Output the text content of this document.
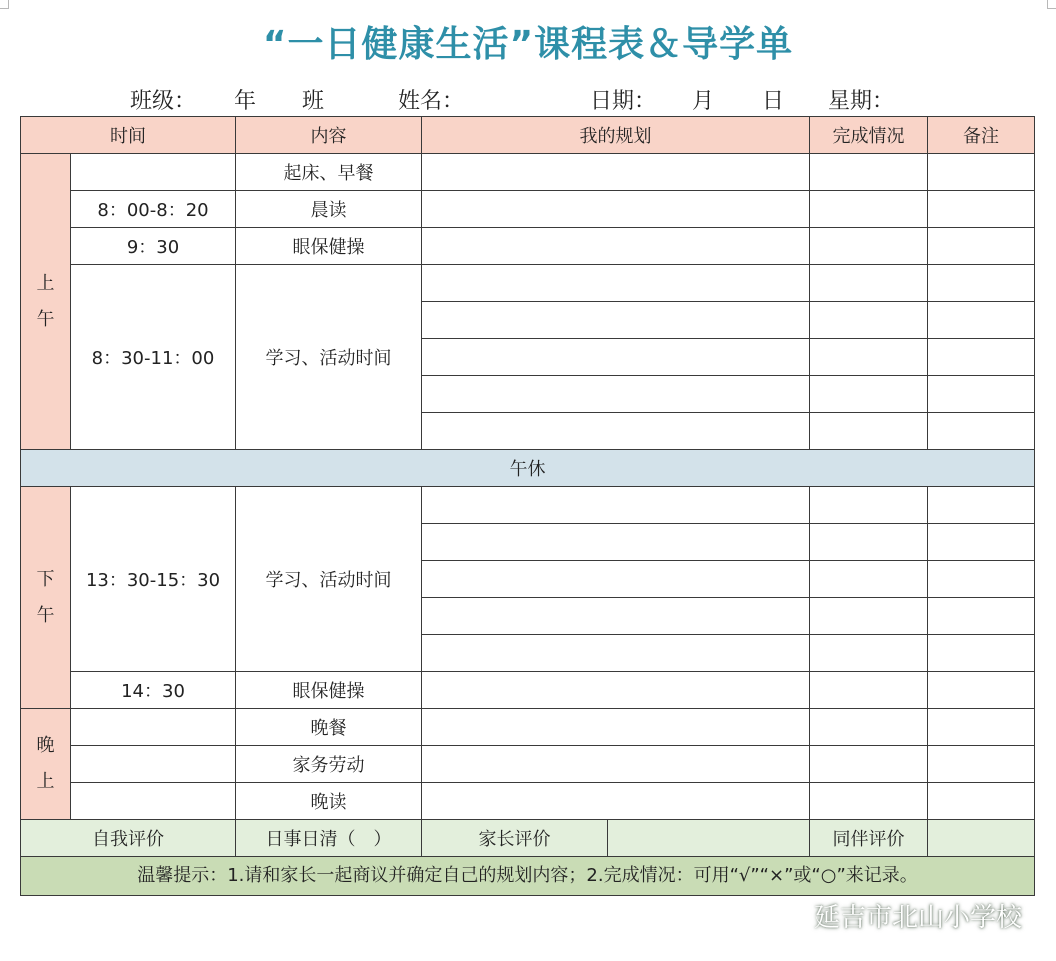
“一日健康生活”课程表＆导学单
班级： 年 班	姓名：	日期： 月 日 星期：
时间		内容	我的规划		完成情况	备注

上
午		起床、早餐				
	8：00-8：20	晨读				
	9：30	眼保健操				
	8：30-11：00	学习、活动时间				

午休						

下
午	13：30-15：30	学习、活动时间				

	14：30	眼保健操				

晚
上		晚餐				
		家务劳动				
		晚读				
自我评价		日事日清（　）	家长评价		同伴评价	
温馨提示：1.请和家长一起商议并确定自己的规划内容；2.完成情况：可用“√”“×”或“○”来记录。						
延吉市北山小学校
